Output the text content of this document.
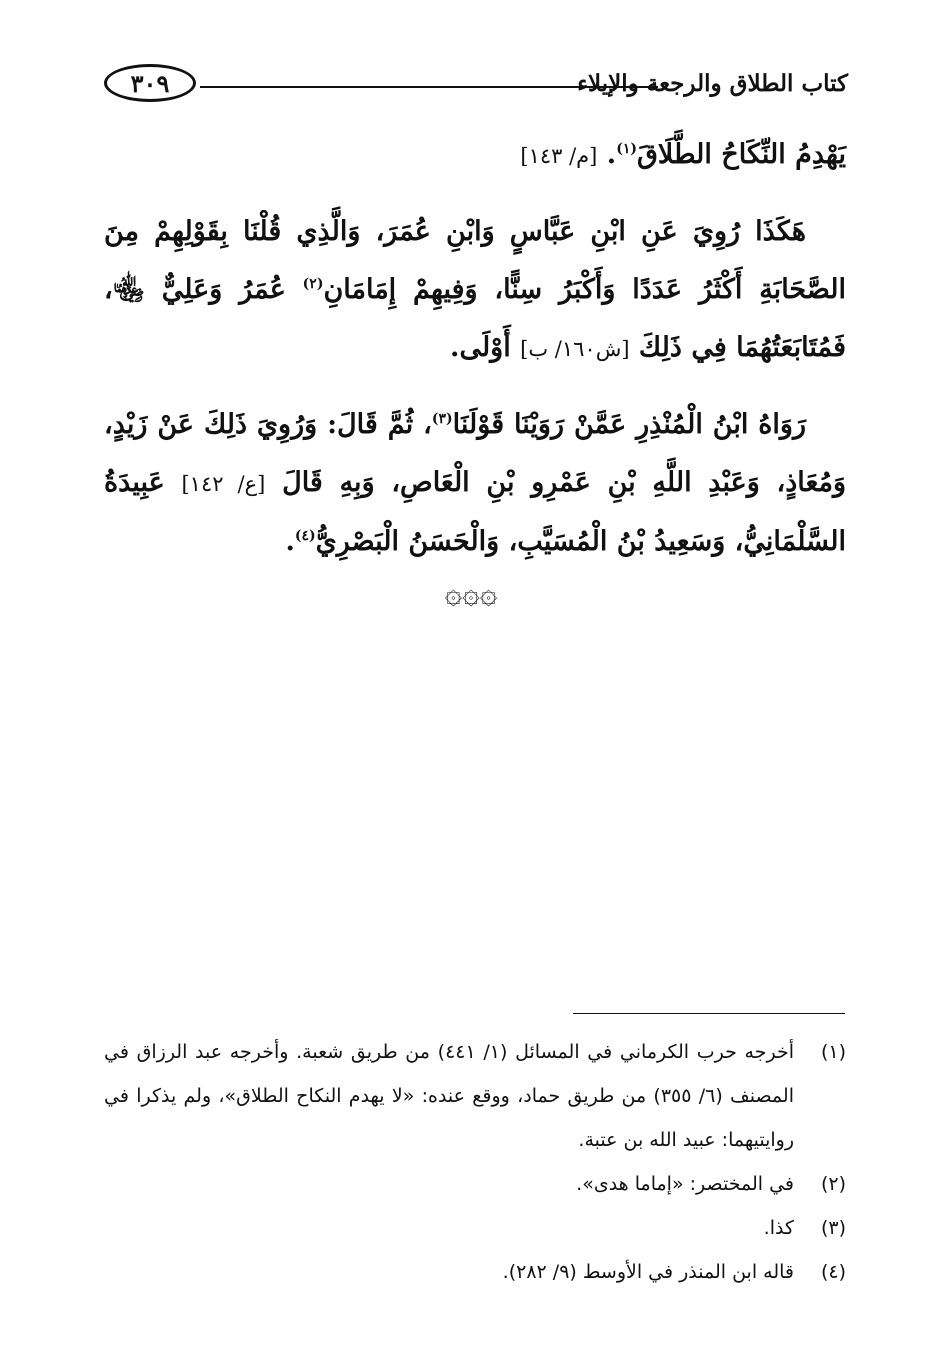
٣٠٩	كتاب الطلاق والرجعة والإيلاء

يَهْدِمُ النِّكَاحُ الطَّلَاقَ$^{(١)}$. [م/ ١٤٣]

هَكَذَا رُوِيَ عَنِ ابْنِ عَبَّاسٍ وَابْنِ عُمَرَ، وَالَّذِي قُلْنَا بِقَوْلِهِمْ مِنَ الصَّحَابَةِ أَكْثَرُ عَدَدًا وَأَكْبَرُ سِنًّا، وَفِيهِمْ إِمَامَانِ$^{(٢)}$ عُمَرُ وَعَلِيٌّ ﵄، فَمُتَابَعَتُهُمَا فِي ذَلِكَ [ش١٦٠/ ب] أَوْلَى.

رَوَاهُ ابْنُ الْمُنْذِرِ عَمَّنْ رَوَيْنَا قَوْلَنَا$^{(٣)}$، ثُمَّ قَالَ: وَرُوِيَ ذَلِكَ عَنْ زَيْدٍ، وَمُعَاذٍ، وَعَبْدِ اللَّهِ بْنِ عَمْرِو بْنِ الْعَاصِ، وَبِهِ قَالَ [ع/ ١٤٢] عَبِيدَةُ السَّلْمَانِيُّ، وَسَعِيدُ بْنُ الْمُسَيَّبِ، وَالْحَسَنُ الْبَصْرِيُّ$^{(٤)}$.

۞۞۞
(١)
أخرجه حرب الكرماني في المسائل (١/ ٤٤١) من طريق شعبة. وأخرجه عبد الرزاق في المصنف (٦/ ٣٥٥) من طريق حماد، ووقع عنده: «لا يهدم النكاح الطلاق»، ولم يذكرا في روايتيهما: عبيد الله بن عتبة.
(٢)
في المختصر: «إماما هدى».
(٣)
كذا.
(٤)
قاله ابن المنذر في الأوسط (٩/ ٢٨٢).
